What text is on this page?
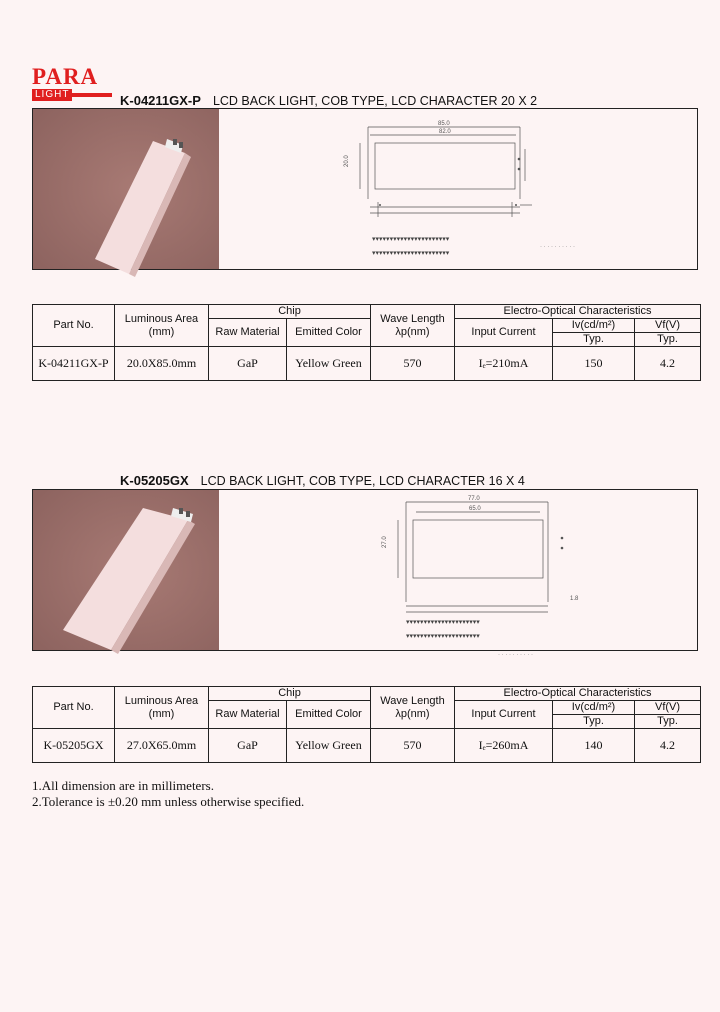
PARA
LIGHT	K-04211GX-P LCD BACK LIGHT, COB TYPE, LCD CHARACTER 20 X 2
85.0
82.0
20.0
▾▾▾▾▾▾▾▾▾▾▾▾▾▾▾▾▾▾▾▾▾▾
▾▾▾▾▾▾▾▾▾▾▾▾▾▾▾▾▾▾▾▾▾▾
· · · · · · · · · ·
Part No.	Luminous Area (mm)	Chip		Wave Length λp(nm)	Electro-Optical Characteristics		
		Raw Material	Emitted Color		Input Current	Iv(cd/m²)	Vf(V)
						Typ.	Typ.
K-04211GX-P	20.0X85.0mm	GaP	Yellow Green	570	Iₑ=210mA	150	4.2
K-05205GX LCD BACK LIGHT, COB TYPE, LCD CHARACTER 16 X 4
77.0
65.0
27.0
1.8
▾▾▾▾▾▾▾▾▾▾▾▾▾▾▾▾▾▾▾▾▾
▾▾▾▾▾▾▾▾▾▾▾▾▾▾▾▾▾▾▾▾▾
· · · · · · · · · ·
Part No.	Luminous Area (mm)	Chip		Wave Length λp(nm)	Electro-Optical Characteristics		
		Raw Material	Emitted Color		Input Current	Iv(cd/m²)	Vf(V)
						Typ.	Typ.
K-05205GX	27.0X65.0mm	GaP	Yellow Green	570	Iₑ=260mA	140	4.2
1.All dimension are in millimeters.
2.Tolerance is ±0.20 mm unless otherwise specified.
